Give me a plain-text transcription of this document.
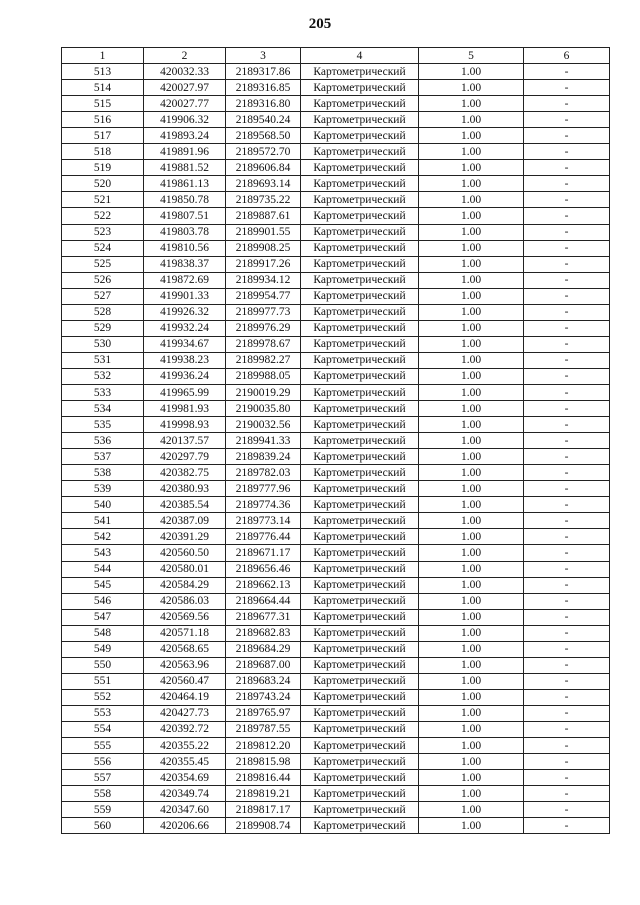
205
1	2	3	4	5	6
513	420032.33	2189317.86	Картометрический	1.00	-
514	420027.97	2189316.85	Картометрический	1.00	-
515	420027.77	2189316.80	Картометрический	1.00	-
516	419906.32	2189540.24	Картометрический	1.00	-
517	419893.24	2189568.50	Картометрический	1.00	-
518	419891.96	2189572.70	Картометрический	1.00	-
519	419881.52	2189606.84	Картометрический	1.00	-
520	419861.13	2189693.14	Картометрический	1.00	-
521	419850.78	2189735.22	Картометрический	1.00	-
522	419807.51	2189887.61	Картометрический	1.00	-
523	419803.78	2189901.55	Картометрический	1.00	-
524	419810.56	2189908.25	Картометрический	1.00	-
525	419838.37	2189917.26	Картометрический	1.00	-
526	419872.69	2189934.12	Картометрический	1.00	-
527	419901.33	2189954.77	Картометрический	1.00	-
528	419926.32	2189977.73	Картометрический	1.00	-
529	419932.24	2189976.29	Картометрический	1.00	-
530	419934.67	2189978.67	Картометрический	1.00	-
531	419938.23	2189982.27	Картометрический	1.00	-
532	419936.24	2189988.05	Картометрический	1.00	-
533	419965.99	2190019.29	Картометрический	1.00	-
534	419981.93	2190035.80	Картометрический	1.00	-
535	419998.93	2190032.56	Картометрический	1.00	-
536	420137.57	2189941.33	Картометрический	1.00	-
537	420297.79	2189839.24	Картометрический	1.00	-
538	420382.75	2189782.03	Картометрический	1.00	-
539	420380.93	2189777.96	Картометрический	1.00	-
540	420385.54	2189774.36	Картометрический	1.00	-
541	420387.09	2189773.14	Картометрический	1.00	-
542	420391.29	2189776.44	Картометрический	1.00	-
543	420560.50	2189671.17	Картометрический	1.00	-
544	420580.01	2189656.46	Картометрический	1.00	-
545	420584.29	2189662.13	Картометрический	1.00	-
546	420586.03	2189664.44	Картометрический	1.00	-
547	420569.56	2189677.31	Картометрический	1.00	-
548	420571.18	2189682.83	Картометрический	1.00	-
549	420568.65	2189684.29	Картометрический	1.00	-
550	420563.96	2189687.00	Картометрический	1.00	-
551	420560.47	2189683.24	Картометрический	1.00	-
552	420464.19	2189743.24	Картометрический	1.00	-
553	420427.73	2189765.97	Картометрический	1.00	-
554	420392.72	2189787.55	Картометрический	1.00	-
555	420355.22	2189812.20	Картометрический	1.00	-
556	420355.45	2189815.98	Картометрический	1.00	-
557	420354.69	2189816.44	Картометрический	1.00	-
558	420349.74	2189819.21	Картометрический	1.00	-
559	420347.60	2189817.17	Картометрический	1.00	-
560	420206.66	2189908.74	Картометрический	1.00	-
